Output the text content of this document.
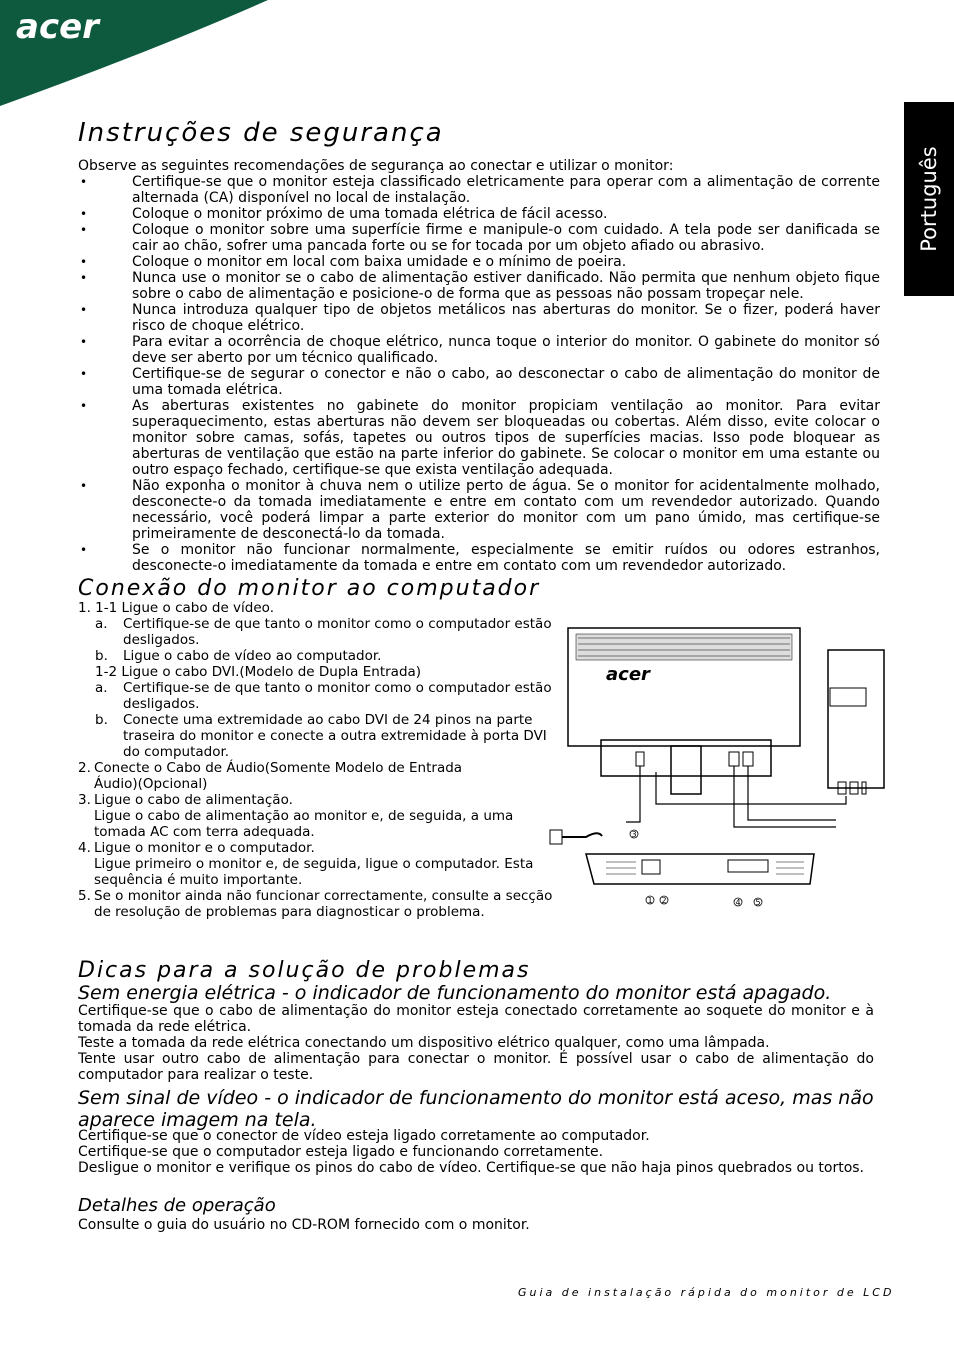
acer
Português
Instruções de segurança
Observe as seguintes recomendações de segurança ao conectar e utilizar o monitor:
• Certifique-se que o monitor esteja classificado eletricamente para operar com a alimentação de corrente alternada (CA) disponível no local de instalação.
• Coloque o monitor próximo de uma tomada elétrica de fácil acesso.
• Coloque o monitor sobre uma superfície firme e manipule-o com cuidado. A tela pode ser danificada se cair ao chão, sofrer uma pancada forte ou se for tocada por um objeto afiado ou abrasivo.
• Coloque o monitor em local com baixa umidade e o mínimo de poeira.
• Nunca use o monitor se o cabo de alimentação estiver danificado. Não permita que nenhum objeto fique sobre o cabo de alimentação e posicione-o de forma que as pessoas não possam tropeçar nele.
• Nunca introduza qualquer tipo de objetos metálicos nas aberturas do monitor. Se o fizer, poderá haver risco de choque elétrico.
• Para evitar a ocorrência de choque elétrico, nunca toque o interior do monitor. O gabinete do monitor só deve ser aberto por um técnico qualificado.
• Certifique-se de segurar o conector e não o cabo, ao desconectar o cabo de alimentação do monitor de uma tomada elétrica.
• As aberturas existentes no gabinete do monitor propiciam ventilação ao monitor. Para evitar superaquecimento, estas aberturas não devem ser bloqueadas ou cobertas. Além disso, evite colocar o monitor sobre camas, sofás, tapetes ou outros tipos de superfícies macias. Isso pode bloquear as aberturas de ventilação que estão na parte inferior do gabinete. Se colocar o monitor em uma estante ou outro espaço fechado, certifique-se que exista ventilação adequada.
• Não exponha o monitor à chuva nem o utilize perto de água. Se o monitor for acidentalmente molhado, desconecte-o da tomada imediatamente e entre em contato com um revendedor autorizado. Quando necessário, você poderá limpar a parte exterior do monitor com um pano úmido, mas certifique-se primeiramente de desconectá-lo da tomada.
• Se o monitor não funcionar normalmente, especialmente se emitir ruídos ou odores estranhos, desconecte-o imediatamente da tomada e entre em contato com um revendedor autorizado.
Conexão do monitor ao computador
1. 1-1 Ligue o cabo de vídeo.
a. Certifique-se de que tanto o monitor como o computador estão desligados.
b. Ligue o cabo de vídeo ao computador.
1-2 Ligue o cabo DVI.(Modelo de Dupla Entrada)
a. Certifique-se de que tanto o monitor como o computador estão desligados.
b. Conecte uma extremidade ao cabo DVI de 24 pinos na parte traseira do monitor e conecte a outra extremidade à porta DVI do computador.
2. Conecte o Cabo de Áudio(Somente Modelo de Entrada Áudio)(Opcional)
3. Ligue o cabo de alimentação.
Ligue o cabo de alimentação ao monitor e, de seguida, a uma tomada AC com terra adequada.
4. Ligue o monitor e o computador.
Ligue primeiro o monitor e, de seguida, ligue o computador. Esta sequência é muito importante.
5. Se o monitor ainda não funcionar correctamente, consulte a secção de resolução de problemas para diagnosticar o problema.
acer
1 2
3
4 5
Dicas para a solução de problemas
Sem energia elétrica - o indicador de funcionamento do monitor está apagado.
Certifique-se que o cabo de alimentação do monitor esteja conectado corretamente ao soquete do monitor e à tomada da rede elétrica.
Teste a tomada da rede elétrica conectando um dispositivo elétrico qualquer, como uma lâmpada.
Tente usar outro cabo de alimentação para conectar o monitor. É possível usar o cabo de alimentação do computador para realizar o teste.
Sem sinal de vídeo - o indicador de funcionamento do monitor está aceso, mas não aparece imagem na tela.
Certifique-se que o conector de vídeo esteja ligado corretamente ao computador.
Certifique-se que o computador esteja ligado e funcionando corretamente.
Desligue o monitor e verifique os pinos do cabo de vídeo. Certifique-se que não haja pinos quebrados ou tortos.
Detalhes de operação
Consulte o guia do usuário no CD-ROM fornecido com o monitor.
Guia de instalação rápida do monitor de LCD
